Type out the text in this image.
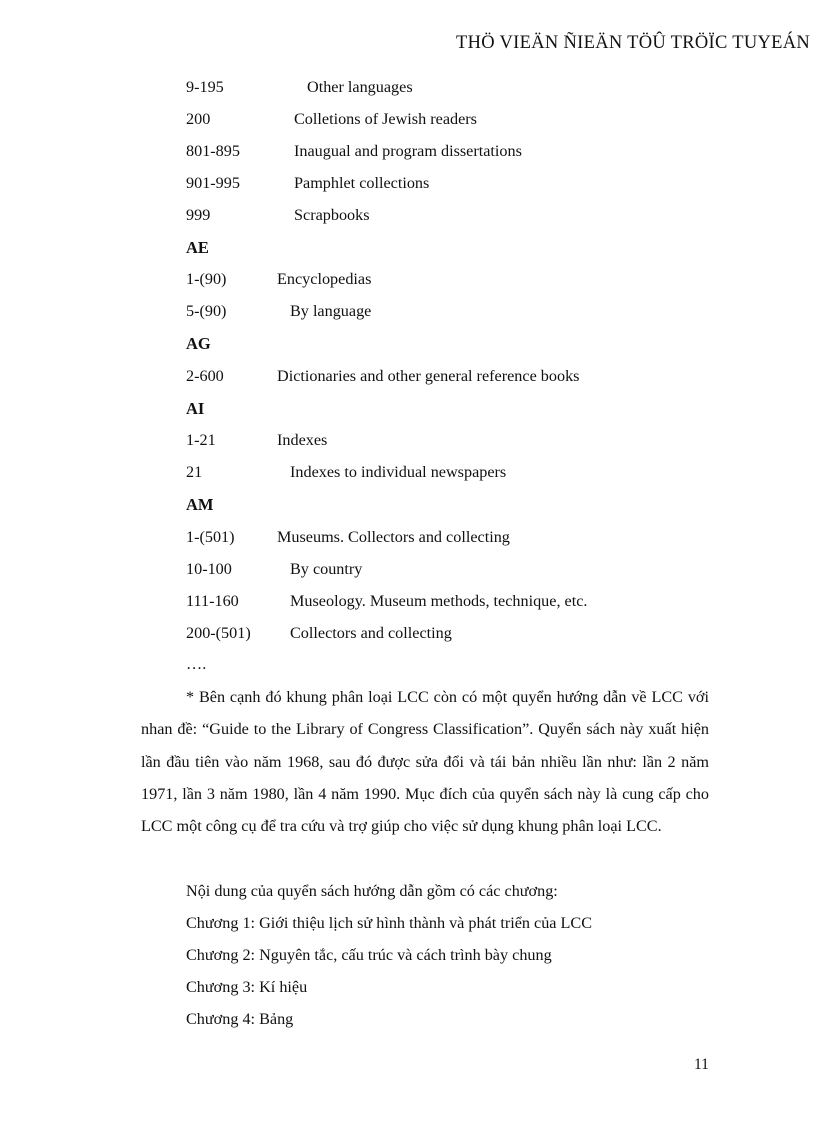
THÖ VIEÄN ÑIEÄN TÖÛ TRÖÏC TUYEÁN
9-195	Other languages
200	Colletions of Jewish readers
801-895	Inaugual and program dissertations
901-995	Pamphlet collections
999	Scrapbooks
AE
1-(90)	Encyclopedias
5-(90)	By language
AG
2-600	Dictionaries and other general reference books
AI
1-21	Indexes
21	Indexes to individual newspapers
AM
1-(501)	Museums. Collectors and collecting
10-100	By country
111-160	Museology. Museum methods, technique, etc.
200-(501) Collectors and collecting
….

* Bên cạnh đó khung phân loại LCC còn có một quyển hướng dẫn về LCC với nhan đề: “Guide to the Library of Congress Classification”. Quyển sách này xuất hiện lần đầu tiên vào năm 1968, sau đó được sửa đổi và tái bản nhiều lần như: lần 2 năm 1971, lần 3 năm 1980, lần 4 năm 1990. Mục đích của quyển sách này là cung cấp cho LCC một công cụ để tra cứu và trợ giúp cho việc sử dụng khung phân loại LCC.

Nội dung của quyển sách hướng dẫn gồm có các chương:
Chương 1: Giới thiệu lịch sử hình thành và phát triển của LCC
Chương 2: Nguyên tắc, cấu trúc và cách trình bày chung
Chương 3: Kí hiệu
Chương 4: Bảng
11
